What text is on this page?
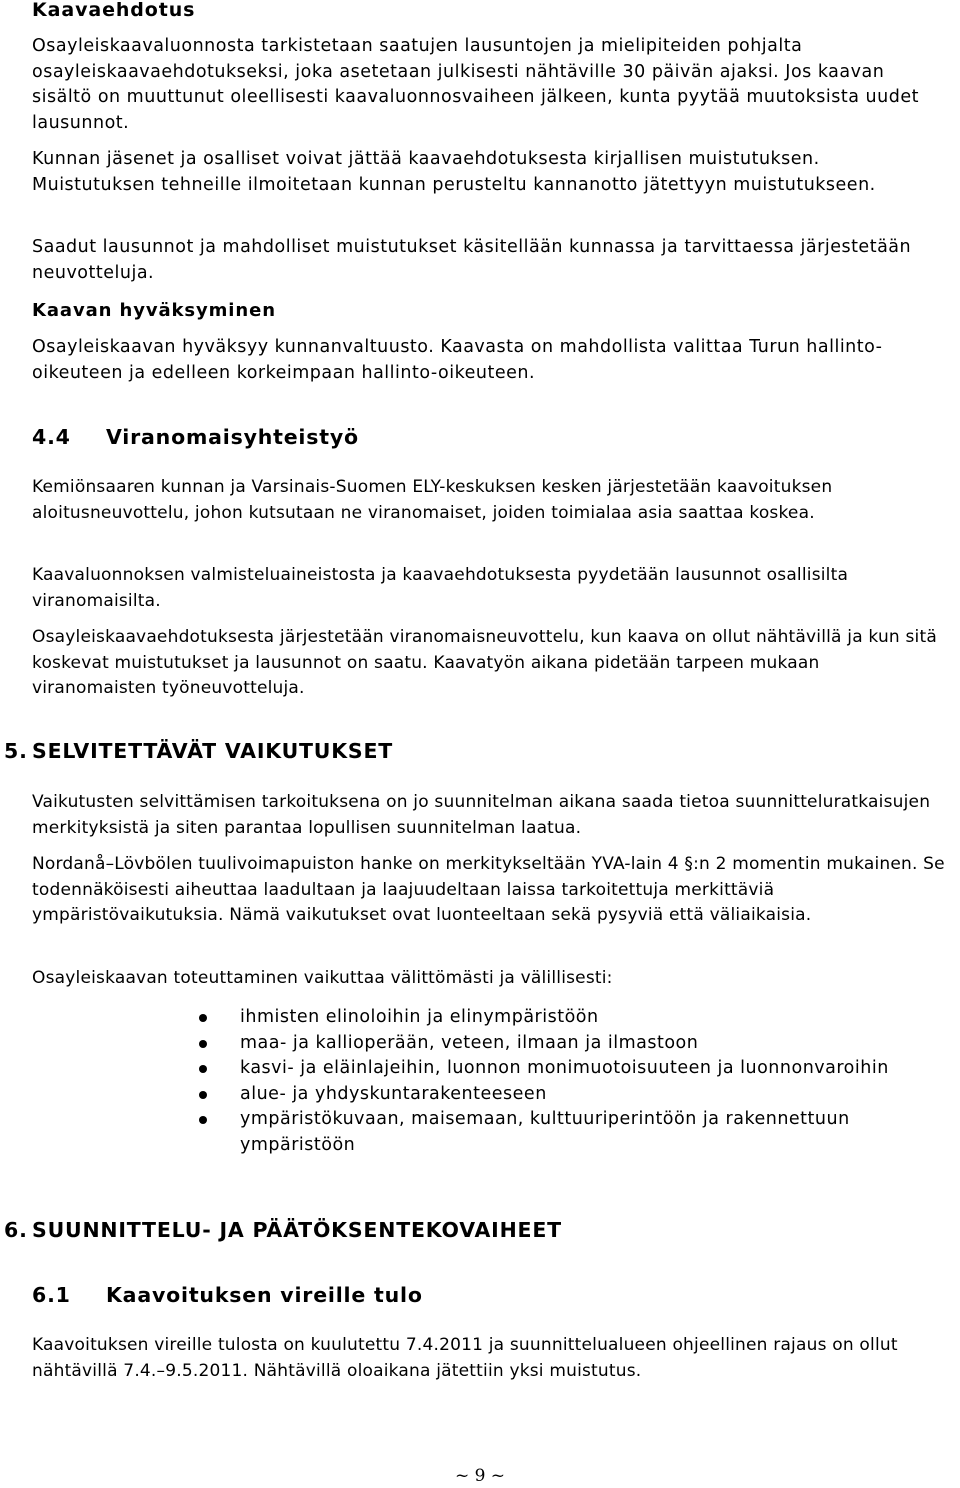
Kaavaehdotus

Osayleiskaavaluonnosta tarkistetaan saatujen lausuntojen ja mielipiteiden pohjalta osayleiskaavaehdotukseksi, joka asetetaan julkisesti nähtäville 30 päivän ajaksi. Jos kaavan sisältö on muuttunut oleellisesti kaavaluonnosvaiheen jälkeen, kunta pyytää muutoksista uudet lausunnot.

Kunnan jäsenet ja osalliset voivat jättää kaavaehdotuksesta kirjallisen muistutuksen. Muistutuksen tehneille ilmoitetaan kunnan perusteltu kannanotto jätettyyn muistutukseen.

Saadut lausunnot ja mahdolliset muistutukset käsitellään kunnassa ja tarvittaessa järjestetään neuvotteluja.

Kaavan hyväksyminen

Osayleiskaavan hyväksyy kunnanvaltuusto. Kaavasta on mahdollista valittaa Turun hallinto-oikeuteen ja edelleen korkeimpaan hallinto-oikeuteen.

4.4 Viranomaisyhteistyö

Kemiönsaaren kunnan ja Varsinais-Suomen ELY-keskuksen kesken järjestetään kaavoituksen aloitusneuvottelu, johon kutsutaan ne viranomaiset, joiden toimialaa asia saattaa koskea.

Kaavaluonnoksen valmisteluaineistosta ja kaavaehdotuksesta pyydetään lausunnot osallisilta viranomaisilta.

Osayleiskaavaehdotuksesta järjestetään viranomaisneuvottelu, kun kaava on ollut nähtävillä ja kun sitä koskevat muistutukset ja lausunnot on saatu. Kaavatyön aikana pidetään tarpeen mukaan viranomaisten työneuvotteluja.

5. SELVITETTÄVÄT VAIKUTUKSET

Vaikutusten selvittämisen tarkoituksena on jo suunnitelman aikana saada tietoa suunnitteluratkaisujen merkityksistä ja siten parantaa lopullisen suunnitelman laatua.

Nordanå–Lövbölen tuulivoimapuiston hanke on merkitykseltään YVA-lain 4 §:n 2 momentin mukainen. Se todennäköisesti aiheuttaa laadultaan ja laajuudeltaan laissa tarkoitettuja merkittäviä ympäristövaikutuksia. Nämä vaikutukset ovat luonteeltaan sekä pysyviä että väliaikaisia.

Osayleiskaavan toteuttaminen vaikuttaa välittömästi ja välillisesti:

ihmisten elinoloihin ja elinympäristöön
maa- ja kallioperään, veteen, ilmaan ja ilmastoon
kasvi- ja eläinlajeihin, luonnon monimuotoisuuteen ja luonnonvaroihin
alue- ja yhdyskuntarakenteeseen
ympäristökuvaan, maisemaan, kulttuuriperintöön ja rakennettuun ympäristöön
6. SUUNNITTELU- JA PÄÄTÖKSENTEKOVAIHEET
6.1 Kaavoituksen vireille tulo

Kaavoituksen vireille tulosta on kuulutettu 7.4.2011 ja suunnittelualueen ohjeellinen rajaus on ollut nähtävillä 7.4.–9.5.2011. Nähtävillä oloaikana jätettiin yksi muistutus.

~ 9 ~
